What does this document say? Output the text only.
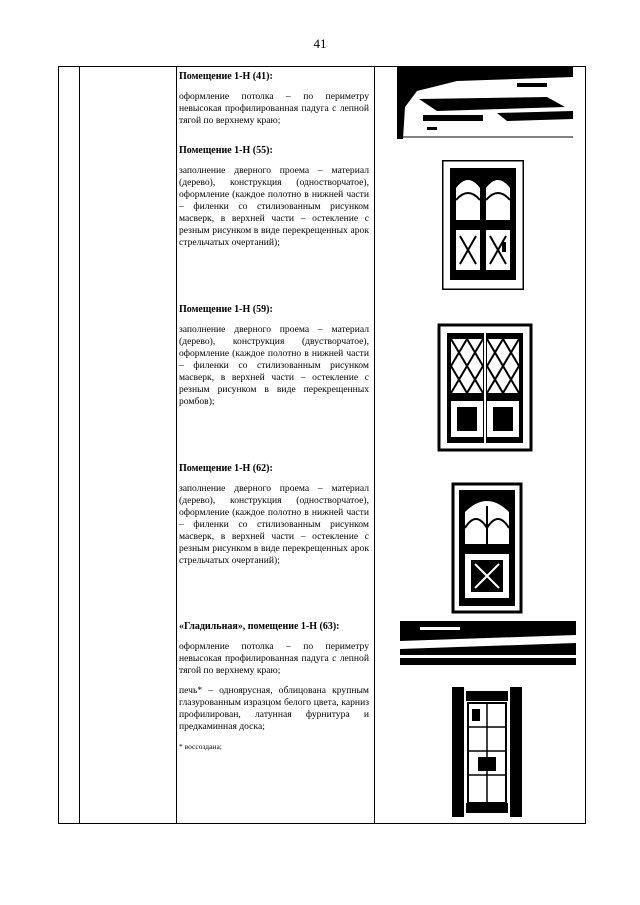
41
Помещение 1-Н (41):
оформление потолка – по периметру невысокая профилированная падуга с лепной тягой по верхнему краю;
Помещение 1-Н (55):
заполнение дверного проема – материал (дерево), конструкция (одностворчатое), оформление (каждое полотно в нижней части – филенки со стилизованным рисунком масверк, в верхней части – остекление с резным рисунком в виде перекрещенных арок стрельчатых очертаний);
Помещение 1-Н (59):
заполнение дверного проема – материал (дерево), конструкция (двустворчатое), оформление (каждое полотно в нижней части – филенки со стилизованным рисунком масверк, в верхней части – остекление с резным рисунком в виде перекрещенных ромбов);
Помещение 1-Н (62):
заполнение дверного проема – материал (дерево), конструкция (одностворчатое), оформление (каждое полотно в нижней части – филенки со стилизованным рисунком масверк, в верхней части – остекление с резным рисунком в виде перекрещенных арок стрельчатых очертаний);
«Гладильная», помещение 1-Н (63):
оформление потолка – по периметру невысокая профилированная падуга с лепной тягой по верхнему краю;
печь* – одноярусная, облицована крупным глазурованным изразцом белого цвета, карниз профилирован, латунная фурнитура и предкаминная доска;
* воссоздана;
